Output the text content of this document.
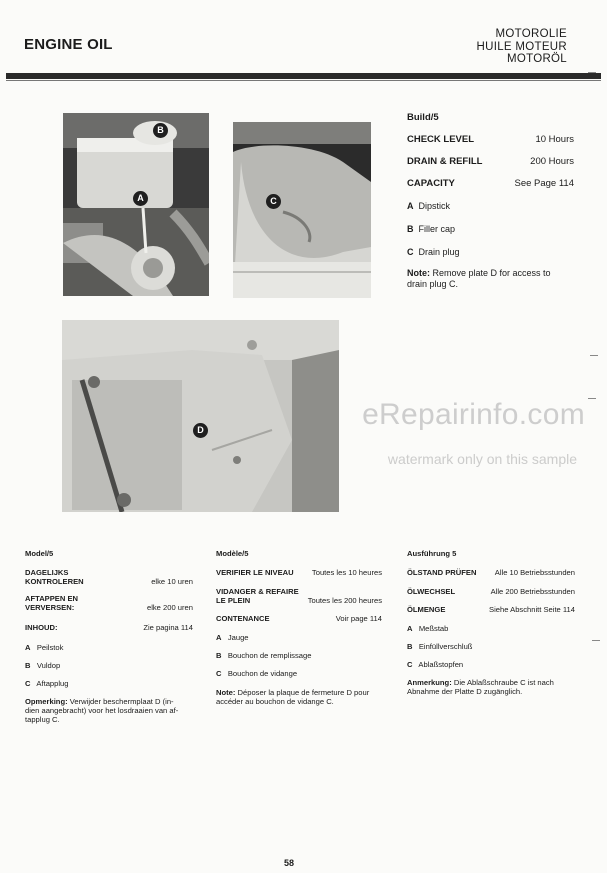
ENGINE OIL
MOTOROLIE
HUILE MOTEUR
MOTORÖL
B
A	C
D
Build/5
CHECK LEVEL	10 Hours
DRAIN & REFILL	200 Hours
CAPACITY	See Page 114
A Dipstick
B Filler cap
C Drain plug
Note: Remove plate D for access to
drain plug C.
eRepairinfo.com
watermark only on this sample
Model/5
DAGELIJKS
KONTROLEREN	elke 10 uren
AFTAPPEN EN
VERVERSEN:	elke 200 uren
INHOUD:	Zie pagina 114
A Peilstok
B Vuldop
C Aftapplug
Opmerking: Verwijder beschermplaat D (in-
dien aangebracht) voor het losdraaien van af-
tapplug C.
Modèle/5
VERIFIER LE NIVEAU Toutes les 10 heures
VIDANGER & REFAIRE
LE PLEIN	Toutes les 200 heures
CONTENANCE	Voir page 114
A Jauge
B Bouchon de remplissage
C Bouchon de vidange
Note: Déposer la plaque de fermeture D pour
accéder au bouchon de vidange C.
Ausführung 5
ÖLSTAND PRÜFEN Alle 10 Betriebsstunden
ÖLWECHSEL	Alle 200 Betriebsstunden
ÖLMENGE	Siehe Abschnitt Seite 114
A Meßstab
B Einfüllverschluß
C Ablaßstopfen
Anmerkung: Die Ablaßschraube C ist nach
Abnahme der Platte D zugänglich.
58
